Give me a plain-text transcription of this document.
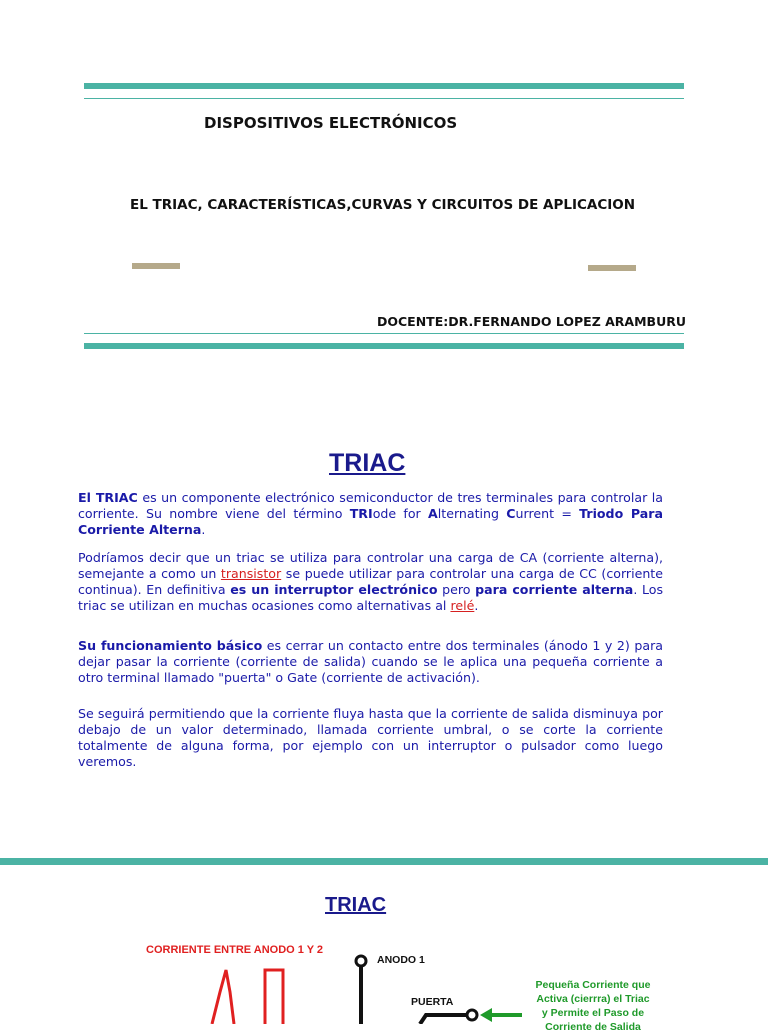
DISPOSITIVOS ELECTRÓNICOS
EL TRIAC, CARACTERÍSTICAS,CURVAS Y CIRCUITOS DE APLICACION
DOCENTE:DR.FERNANDO LOPEZ ARAMBURU
TRIAC

El TRIAC es un componente electrónico semiconductor de tres terminales para controlar la corriente. Su nombre viene del término TRIode for Alternating Current = Triodo Para Corriente Alterna.

Podríamos decir que un triac se utiliza para controlar una carga de CA (corriente alterna), semejante a como un transistor se puede utilizar para controlar una carga de CC (corriente continua). En definitiva es un interruptor electrónico pero para corriente alterna. Los triac se utilizan en muchas ocasiones como alternativas al relé.

Su funcionamiento básico es cerrar un contacto entre dos terminales (ánodo 1 y 2) para dejar pasar la corriente (corriente de salida) cuando se le aplica una pequeña corriente a otro terminal llamado "puerta" o Gate (corriente de activación).

Se seguirá permitiendo que la corriente fluya hasta que la corriente de salida disminuya por debajo de un valor determinado, llamada corriente umbral, o se corte la corriente totalmente de alguna forma, por ejemplo con un interruptor o pulsador como luego veremos.

TRIAC
CORRIENTE ENTRE ANODO 1 Y 2
ANODO 1
PUERTA
Pequeña Corriente que
Activa (cierrra) el Triac
y Permite el Paso de
Corriente de Salida
